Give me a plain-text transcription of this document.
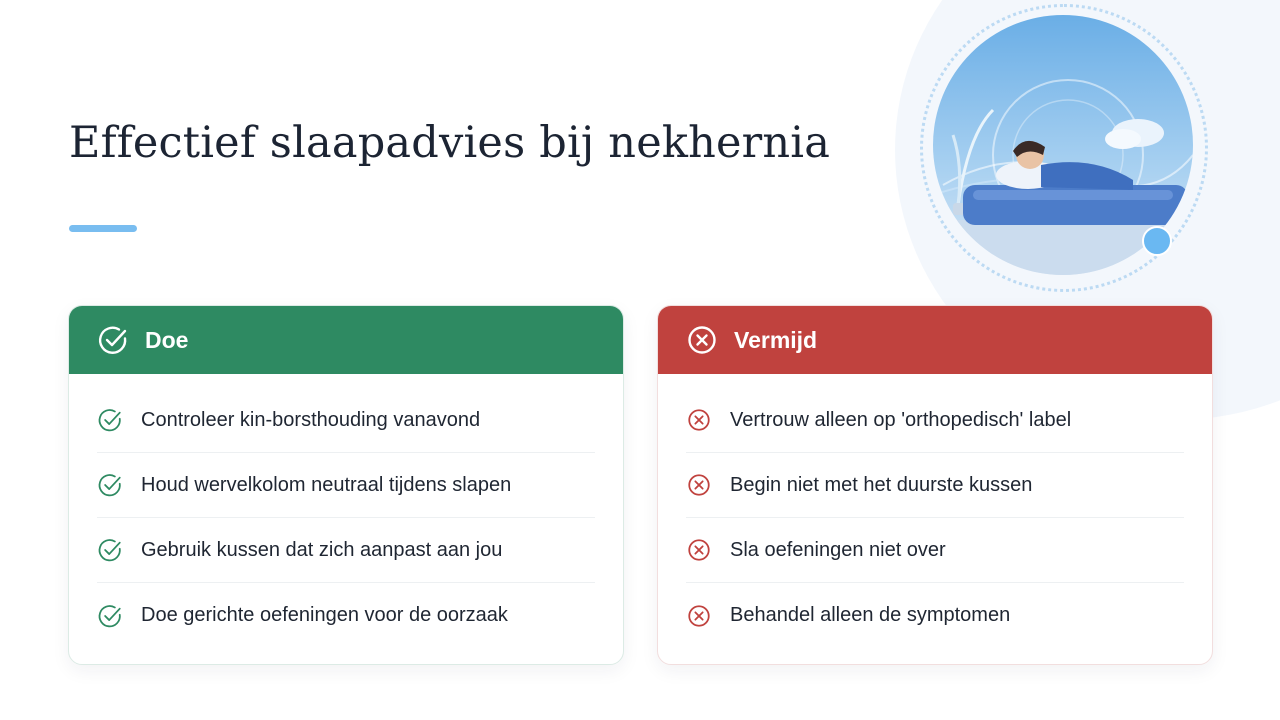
Effectief slaapadvies bij nekhernia
Doe
Controleer kin-borsthouding vanavond
Houd wervelkolom neutraal tijdens slapen
Gebruik kussen dat zich aanpast aan jou
Doe gerichte oefeningen voor de oorzaak
Vermijd
Vertrouw alleen op 'orthopedisch' label
Begin niet met het duurste kussen
Sla oefeningen niet over
Behandel alleen de symptomen
